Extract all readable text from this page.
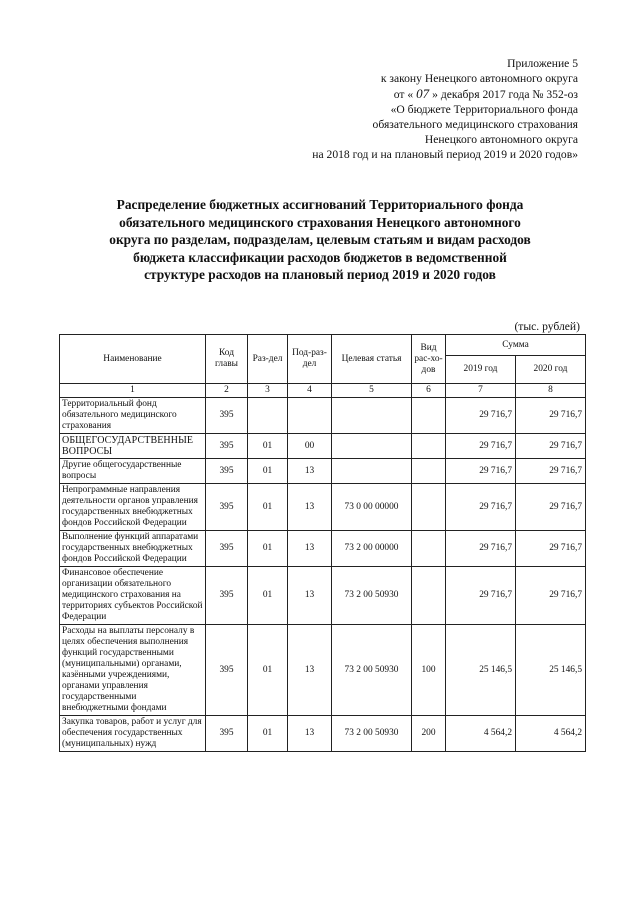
Приложение 5
к закону Ненецкого автономного округа
от « 07 » декабря 2017 года № 352-оз
«О бюджете Территориального фонда
обязательного медицинского страхования
Ненецкого автономного округа
на 2018 год и на плановый период 2019 и 2020 годов»
Распределение бюджетных ассигнований Территориального фонда
обязательного медицинского страхования Ненецкого автономного
округа по разделам, подразделам, целевым статьям и видам расходов
бюджета классификации расходов бюджетов в ведомственной
структуре расходов на плановый период 2019 и 2020 годов
(тыс. рублей)
Наименование	Код главы	Раз-дел	Под-раз-дел	Целевая статья	Вид рас-хо-дов	Сумма	
						2019 год	2020 год
1	2	3	4	5	6	7	8
Территориальный фонд обязательного медицинского страхования	395					29 716,7	29 716,7
ОБЩЕГОСУДАРСТВЕННЫЕ ВОПРОСЫ	395	01	00			29 716,7	29 716,7
Другие общегосударственные вопросы	395	01	13			29 716,7	29 716,7
Непрограммные направления деятельности органов управления государственных внебюджетных фондов Российской Федерации	395	01	13	73 0 00 00000		29 716,7	29 716,7
Выполнение функций аппаратами государственных внебюджетных фондов Российской Федерации	395	01	13	73 2 00 00000		29 716,7	29 716,7
Финансовое обеспечение организации обязательного медицинского страхования на территориях субъектов Российской Федерации	395	01	13	73 2 00 50930		29 716,7	29 716,7
Расходы на выплаты персоналу в целях обеспечения выполнения функций государственными (муниципальными) органами, казёнными учреждениями, органами управления государственными внебюджетными фондами	395	01	13	73 2 00 50930	100	25 146,5	25 146,5
Закупка товаров, работ и услуг для обеспечения государственных (муниципальных) нужд	395	01	13	73 2 00 50930	200	4 564,2	4 564,2
